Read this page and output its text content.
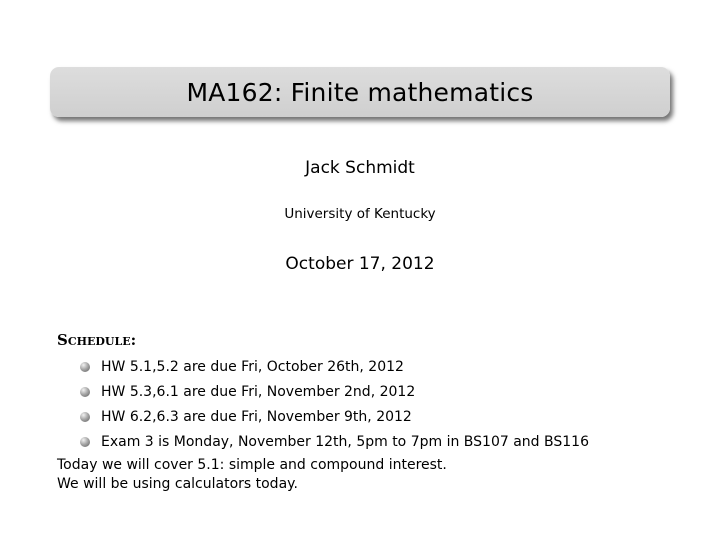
MA162: Finite mathematics
Jack Schmidt
University of Kentucky
October 17, 2012
Schedule:
HW 5.1,5.2 are due Fri, October 26th, 2012
HW 5.3,6.1 are due Fri, November 2nd, 2012
HW 6.2,6.3 are due Fri, November 9th, 2012
Exam 3 is Monday, November 12th, 5pm to 7pm in BS107 and BS116
Today we will cover 5.1: simple and compound interest.
We will be using calculators today.
